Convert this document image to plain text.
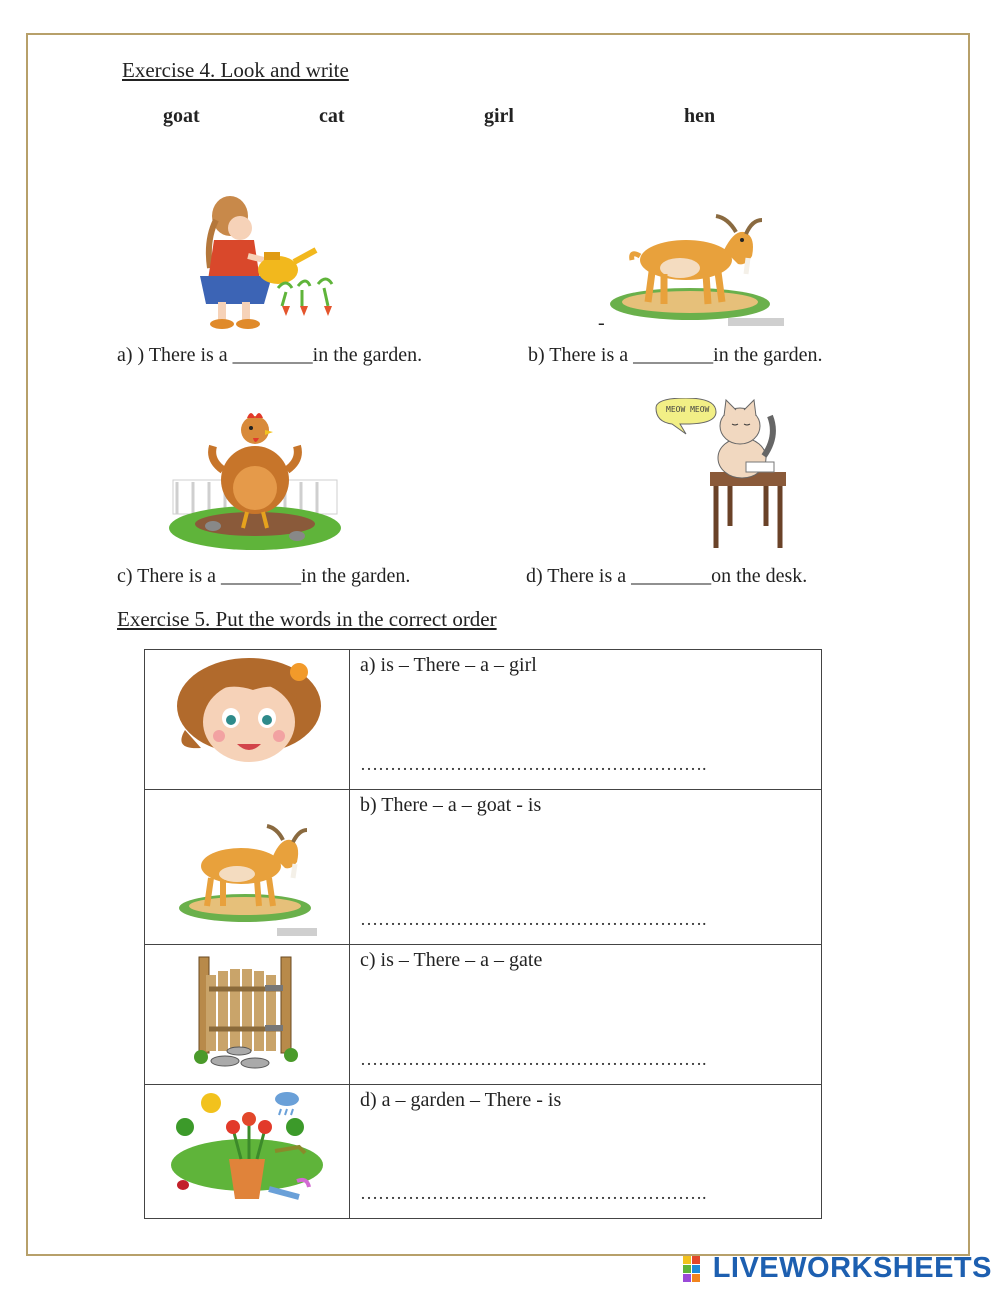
Exercise 4. Look and write
goat	cat	girl	hen
-
a) ) There is a ________in the garden.	b) There is a ________in the garden.
MEOW MEOW
c) There is a ________in the garden.	d) There is a ________on the desk.
Exercise 5. Put the words in the correct order

a) is – There – a – girl
………………………………………………….

b) There – a – goat - is
………………………………………………….

c) is – There – a – gate
………………………………………………….

d) a – garden – There - is
………………………………………………….
LIVEWORKSHEETS
